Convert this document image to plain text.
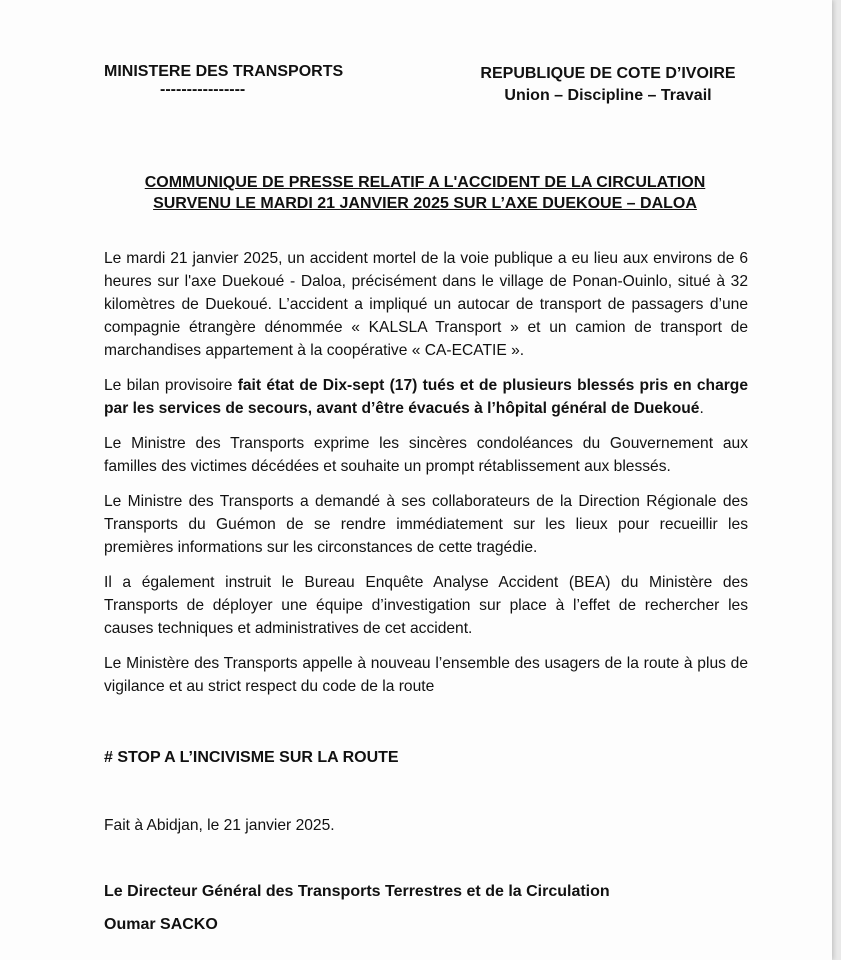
MINISTERE DES TRANSPORTS
----------------
REPUBLIQUE DE COTE D’IVOIRE
Union – Discipline – Travail
COMMUNIQUE DE PRESSE RELATIF A L'ACCIDENT DE LA CIRCULATION
SURVENU LE MARDI 21 JANVIER 2025 SUR L’AXE DUEKOUE – DALOA

Le mardi 21 janvier 2025, un accident mortel de la voie publique a eu lieu aux environs de 6 heures sur l'axe Duekoué - Daloa, précisément dans le village de Ponan-Ouinlo, situé à 32 kilomètres de Duekoué. L’accident a impliqué un autocar de transport de passagers d’une compagnie étrangère dénommée « KALSLA Transport » et un camion de transport de marchandises appartement à la coopérative « CA-ECATIE ».

Le bilan provisoire fait état de Dix-sept (17) tués et de plusieurs blessés pris en charge par les services de secours, avant d’être évacués à l’hôpital général de Duekoué.

Le Ministre des Transports exprime les sincères condoléances du Gouvernement aux familles des victimes décédées et souhaite un prompt rétablissement aux blessés.

Le Ministre des Transports a demandé à ses collaborateurs de la Direction Régionale des Transports du Guémon de se rendre immédiatement sur les lieux pour recueillir les premières informations sur les circonstances de cette tragédie.

Il a également instruit le Bureau Enquête Analyse Accident (BEA) du Ministère des Transports de déployer une équipe d’investigation sur place à l’effet de rechercher les causes techniques et administratives de cet accident.

Le Ministère des Transports appelle à nouveau l’ensemble des usagers de la route à plus de vigilance et au strict respect du code de la route

# STOP A L’INCIVISME SUR LA ROUTE
Fait à Abidjan, le 21 janvier 2025.
Le Directeur Général des Transports Terrestres et de la Circulation
Oumar SACKO
